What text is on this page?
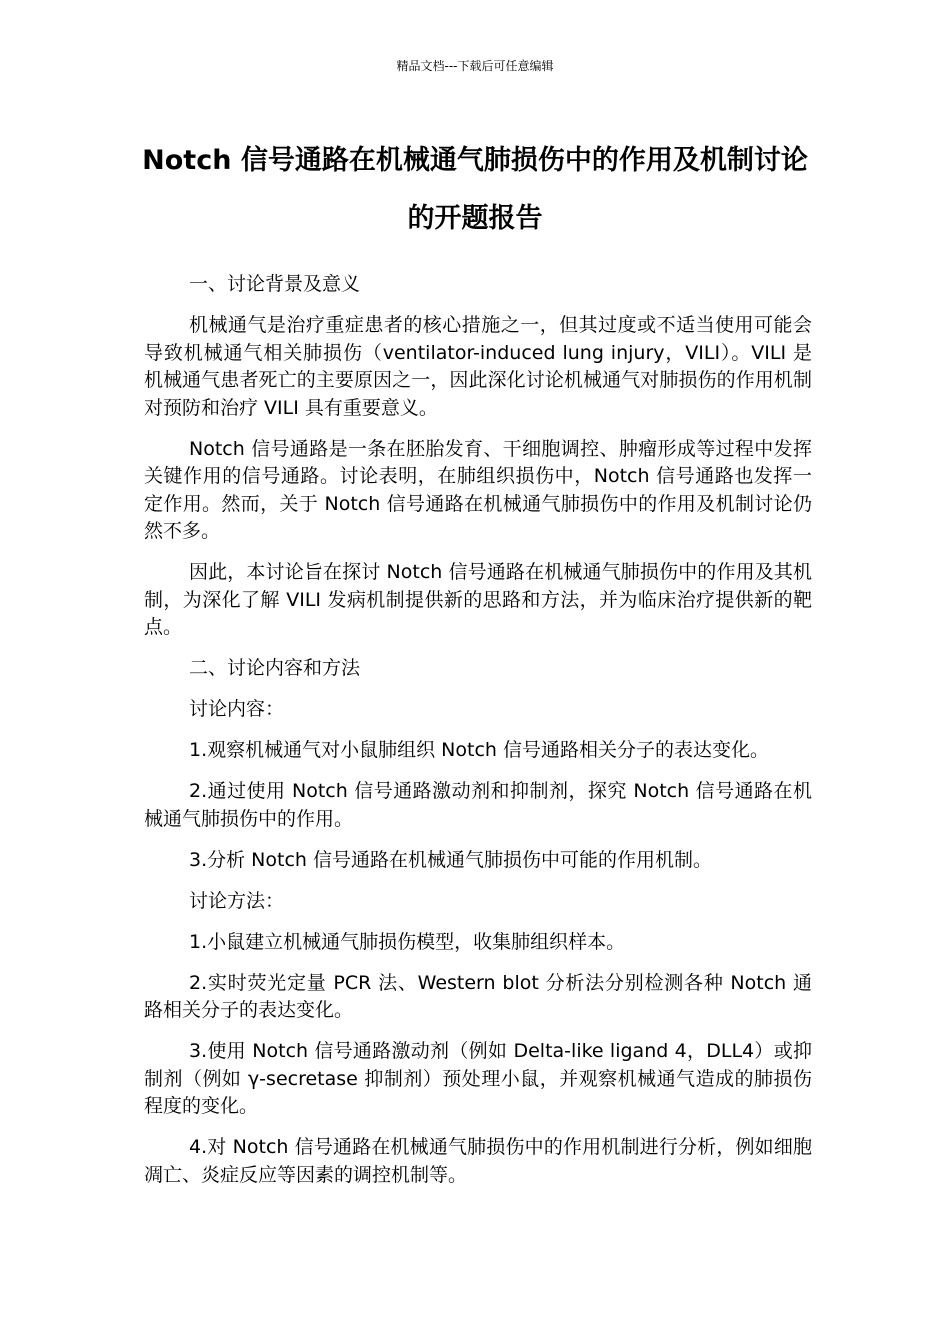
精品文档---下载后可任意编辑
Notch 信号通路在机械通气肺损伤中的作用及机制讨论的开题报告

一、讨论背景及意义

机械通气是治疗重症患者的核心措施之一，但其过度或不适当使用可能会导致机械通气相关肺损伤（ventilator-induced lung injury，VILI）。VILI 是机械通气患者死亡的主要原因之一，因此深化讨论机械通气对肺损伤的作用机制对预防和治疗 VILI 具有重要意义。

Notch 信号通路是一条在胚胎发育、干细胞调控、肿瘤形成等过程中发挥关键作用的信号通路。讨论表明，在肺组织损伤中，Notch 信号通路也发挥一定作用。然而，关于 Notch 信号通路在机械通气肺损伤中的作用及机制讨论仍然不多。

因此，本讨论旨在探讨 Notch 信号通路在机械通气肺损伤中的作用及其机制，为深化了解 VILI 发病机制提供新的思路和方法，并为临床治疗提供新的靶点。

二、讨论内容和方法

讨论内容：

1.观察机械通气对小鼠肺组织 Notch 信号通路相关分子的表达变化。

2.通过使用 Notch 信号通路激动剂和抑制剂，探究 Notch 信号通路在机械通气肺损伤中的作用。

3.分析 Notch 信号通路在机械通气肺损伤中可能的作用机制。

讨论方法：

1.小鼠建立机械通气肺损伤模型，收集肺组织样本。

2.实时荧光定量 PCR 法、Western blot 分析法分别检测各种 Notch 通路相关分子的表达变化。

3.使用 Notch 信号通路激动剂（例如 Delta-like ligand 4，DLL4）或抑制剂（例如 γ-secretase 抑制剂）预处理小鼠，并观察机械通气造成的肺损伤程度的变化。

4.对 Notch 信号通路在机械通气肺损伤中的作用机制进行分析，例如细胞凋亡、炎症反应等因素的调控机制等。
